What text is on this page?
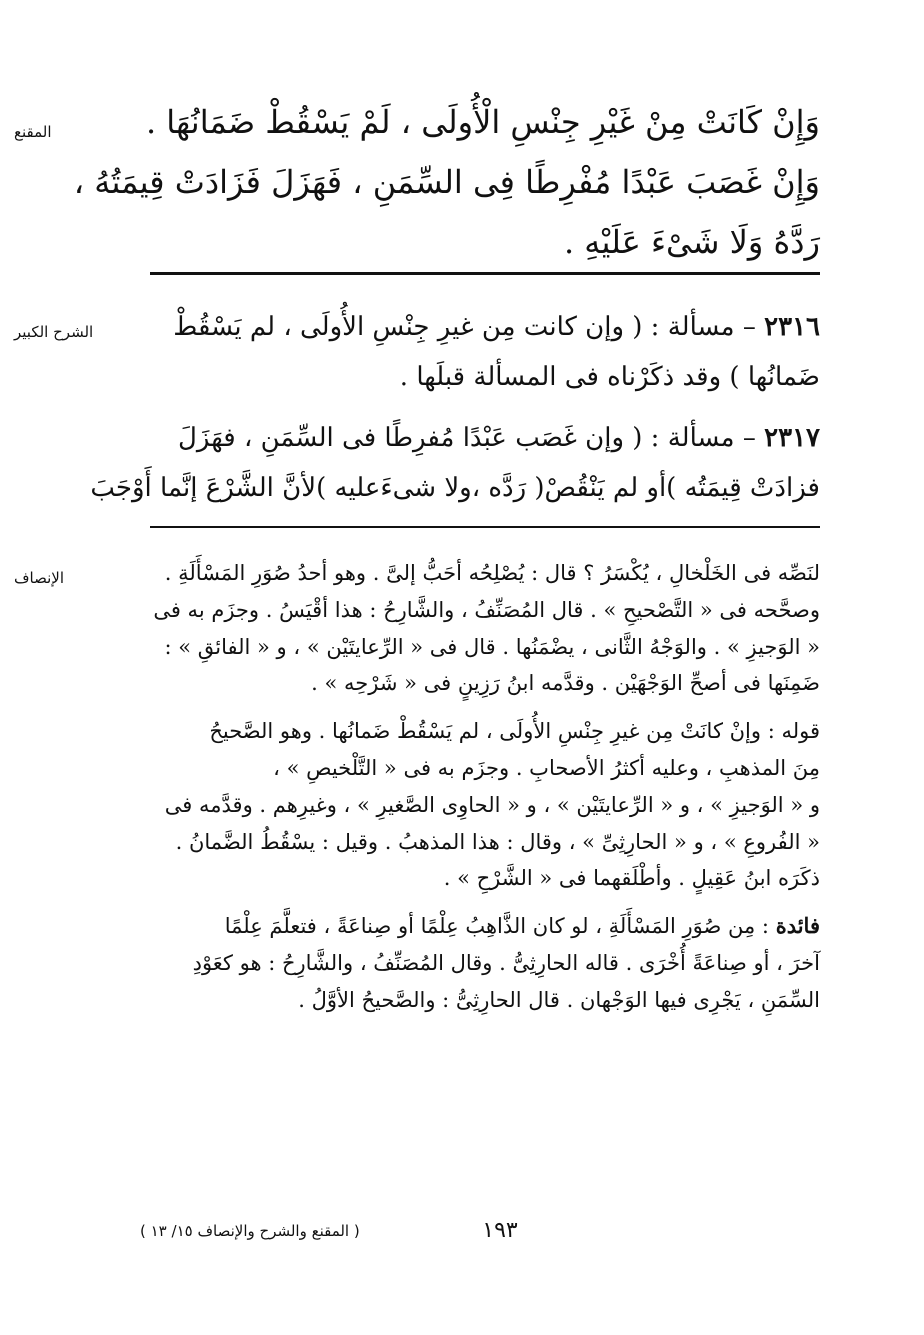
المقنع	وَإِنْ كَانَتْ مِنْ غَيْرِ جِنْسِ الْأُولَى ، لَمْ يَسْقُطْ ضَمَانُهَا .
وَإِنْ غَصَبَ عَبْدًا مُفْرِطًا فِى السِّمَنِ ، فَهَزَلَ فَزَادَتْ قِيمَتُهُ ،
رَدَّهُ وَلَا شَىْءَ عَلَيْهِ .
الشرح الكبير	٢٣١٦ – مسألة : ( وإن كانت مِن غيرِ جِنْسِ الأُولَى ، لم يَسْقُطْ
ضَمانُها ) وقد ذكَرْناه فى المسألة قبلَها .
٢٣١٧ – مسألة : ( وإن غَصَب عَبْدًا مُفرِطًا فى السِّمَنِ ، فهَزَلَ
فزادَتْ قِيمَتُه )أو لم يَنْقُصْ( رَدَّه ،ولا شىءَعليه )لأنَّ الشَّرْعَ إنَّما أَوْجَبَ
الإنصاف	لنَصِّه فى الخَلْخالِ ، يُكْسَرُ ؟ قال : يُصْلِحُه أحَبُّ إلىَّ . وهو أحدُ صُوَرِ المَسْأَلَةِ .
وصحَّحه فى « التَّصْحيحِ » . قال المُصَنِّفُ ، والشَّارِحُ : هذا أقْيَسُ . وجزَم به فى
« الوَجيزِ » . والوَجْهُ الثَّانى ، يضْمَنُها . قال فى « الرِّعايتَيْن » ، و « الفائقِ » :
ضَمِنَها فى أصحِّ الوَجْهَيْن . وقدَّمه ابنُ رَزِينٍ فى « شَرْحِه » .
قوله : وإنْ كانَتْ مِن غيرِ جِنْسِ الأُولَى ، لم يَسْقُطْ ضَمانُها . وهو الصَّحيحُ
مِنَ المذهبِ ، وعليه أكثرُ الأصحابِ . وجزَم به فى « التَّلْخيصِ » ،
و « الوَجيزِ » ، و « الرِّعايتَيْن » ، و « الحاوِى الصَّغيرِ » ، وغيرِهم . وقدَّمه فى
« الفُروعِ » ، و « الحارِثِىِّ » ، وقال : هذا المذهبُ . وقيل : يسْقُطُ الضَّمانُ .
ذكَرَه ابنُ عَقِيلٍ . وأطْلَقهما فى « الشَّرْحِ » .
فائدة : مِن صُوَرِ المَسْأَلَةِ ، لو كان الذَّاهِبُ عِلْمًا أو صِناعَةً ، فتعلَّمَ عِلْمًا
آخرَ ، أو صِناعَةً أُخْرَى . قاله الحارِثِىُّ . وقال المُصَنِّفُ ، والشَّارِحُ : هو كعَوْدِ
السِّمَنِ ، يَجْرِى فيها الوَجْهان . قال الحارِثِىُّ : والصَّحيحُ الأوَّلُ .
١٩٣
( المقنع والشرح والإنصاف ١٥/ ١٣ )
